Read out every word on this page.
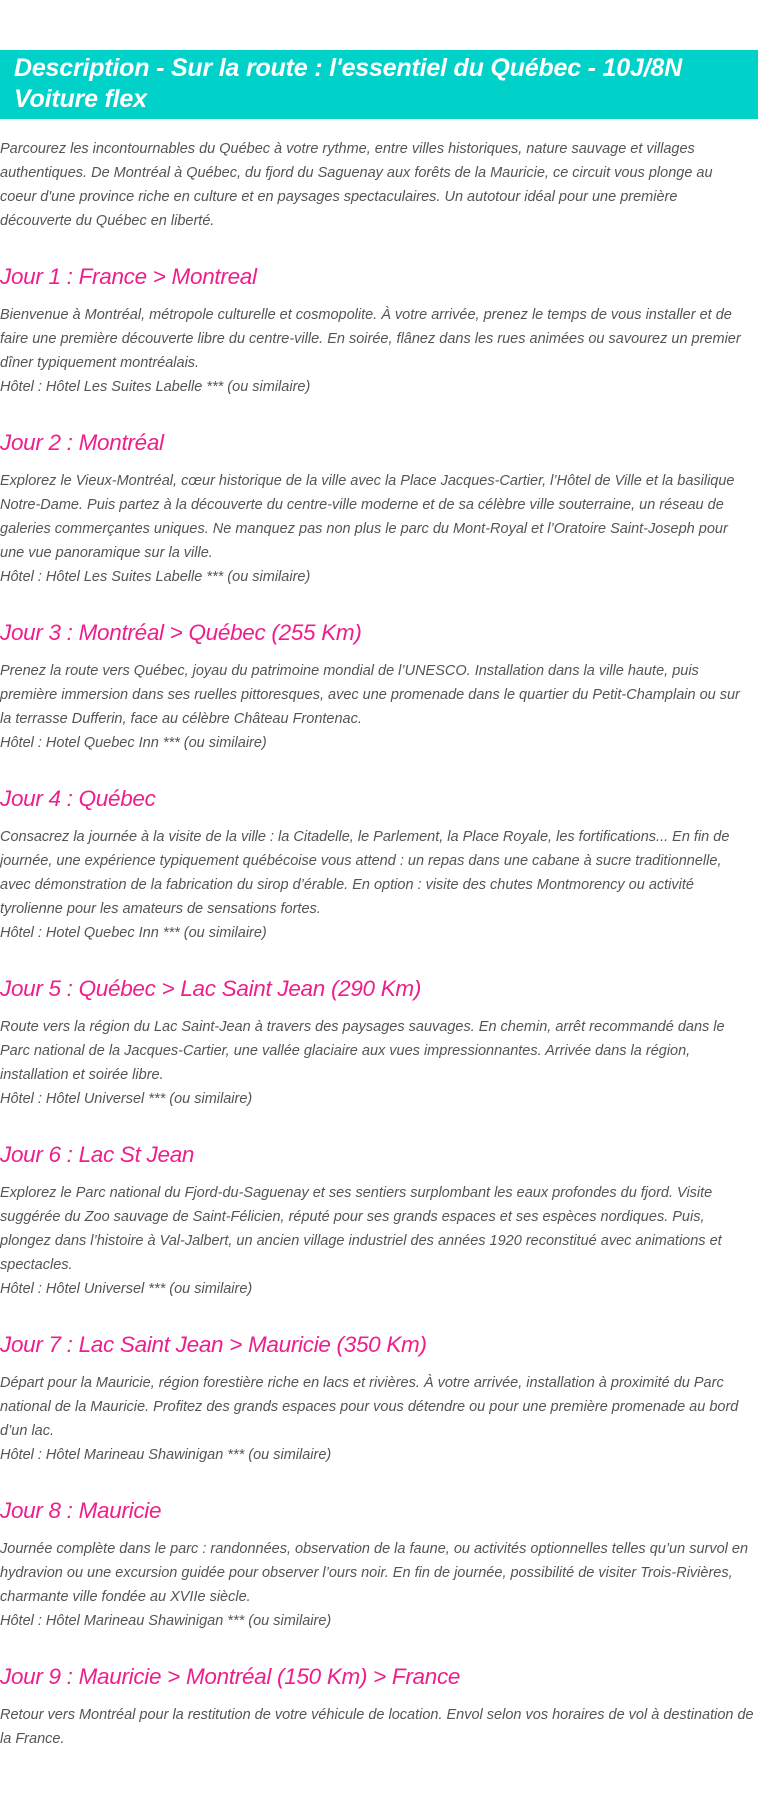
Description - Sur la route : l'essentiel du Québec - 10J/8N Voiture flex

Parcourez les incontournables du Québec à votre rythme, entre villes historiques, nature sauvage et villages authentiques. De Montréal à Québec, du fjord du Saguenay aux forêts de la Mauricie, ce circuit vous plonge au coeur d'une province riche en culture et en paysages spectaculaires. Un autotour idéal pour une première découverte du Québec en liberté.

Jour 1 : France > Montreal

Bienvenue à Montréal, métropole culturelle et cosmopolite. À votre arrivée, prenez le temps de vous installer et de faire une première découverte libre du centre-ville. En soirée, flânez dans les rues animées ou savourez un premier dîner typiquement montréalais.

Hôtel : Hôtel Les Suites Labelle *** (ou similaire)

Jour 2 : Montréal

Explorez le Vieux-Montréal, cœur historique de la ville avec la Place Jacques-Cartier, l’Hôtel de Ville et la basilique Notre-Dame. Puis partez à la découverte du centre-ville moderne et de sa célèbre ville souterraine, un réseau de galeries commerçantes uniques. Ne manquez pas non plus le parc du Mont-Royal et l’Oratoire Saint-Joseph pour une vue panoramique sur la ville.

Hôtel : Hôtel Les Suites Labelle *** (ou similaire)

Jour 3 : Montréal > Québec (255 Km)

Prenez la route vers Québec, joyau du patrimoine mondial de l’UNESCO. Installation dans la ville haute, puis première immersion dans ses ruelles pittoresques, avec une promenade dans le quartier du Petit-Champlain ou sur la terrasse Dufferin, face au célèbre Château Frontenac.

Hôtel : Hotel Quebec Inn *** (ou similaire)

Jour 4 : Québec

Consacrez la journée à la visite de la ville : la Citadelle, le Parlement, la Place Royale, les fortifications... En fin de journée, une expérience typiquement québécoise vous attend : un repas dans une cabane à sucre traditionnelle, avec démonstration de la fabrication du sirop d’érable. En option : visite des chutes Montmorency ou activité tyrolienne pour les amateurs de sensations fortes.

Hôtel : Hotel Quebec Inn *** (ou similaire)

Jour 5 : Québec > Lac Saint Jean (290 Km)

Route vers la région du Lac Saint-Jean à travers des paysages sauvages. En chemin, arrêt recommandé dans le Parc national de la Jacques-Cartier, une vallée glaciaire aux vues impressionnantes. Arrivée dans la région, installation et soirée libre.

Hôtel : Hôtel Universel *** (ou similaire)

Jour 6 : Lac St Jean

Explorez le Parc national du Fjord-du-Saguenay et ses sentiers surplombant les eaux profondes du fjord. Visite suggérée du Zoo sauvage de Saint-Félicien, réputé pour ses grands espaces et ses espèces nordiques. Puis, plongez dans l’histoire à Val-Jalbert, un ancien village industriel des années 1920 reconstitué avec animations et spectacles.

Hôtel : Hôtel Universel *** (ou similaire)

Jour 7 : Lac Saint Jean > Mauricie (350 Km)

Départ pour la Mauricie, région forestière riche en lacs et rivières. À votre arrivée, installation à proximité du Parc national de la Mauricie. Profitez des grands espaces pour vous détendre ou pour une première promenade au bord d’un lac.

Hôtel : Hôtel Marineau Shawinigan *** (ou similaire)

Jour 8 : Mauricie

Journée complète dans le parc : randonnées, observation de la faune, ou activités optionnelles telles qu’un survol en hydravion ou une excursion guidée pour observer l’ours noir. En fin de journée, possibilité de visiter Trois-Rivières, charmante ville fondée au XVIIe siècle.

Hôtel : Hôtel Marineau Shawinigan *** (ou similaire)

Jour 9 : Mauricie > Montréal (150 Km) > France

Retour vers Montréal pour la restitution de votre véhicule de location. Envol selon vos horaires de vol à destination de la France.
